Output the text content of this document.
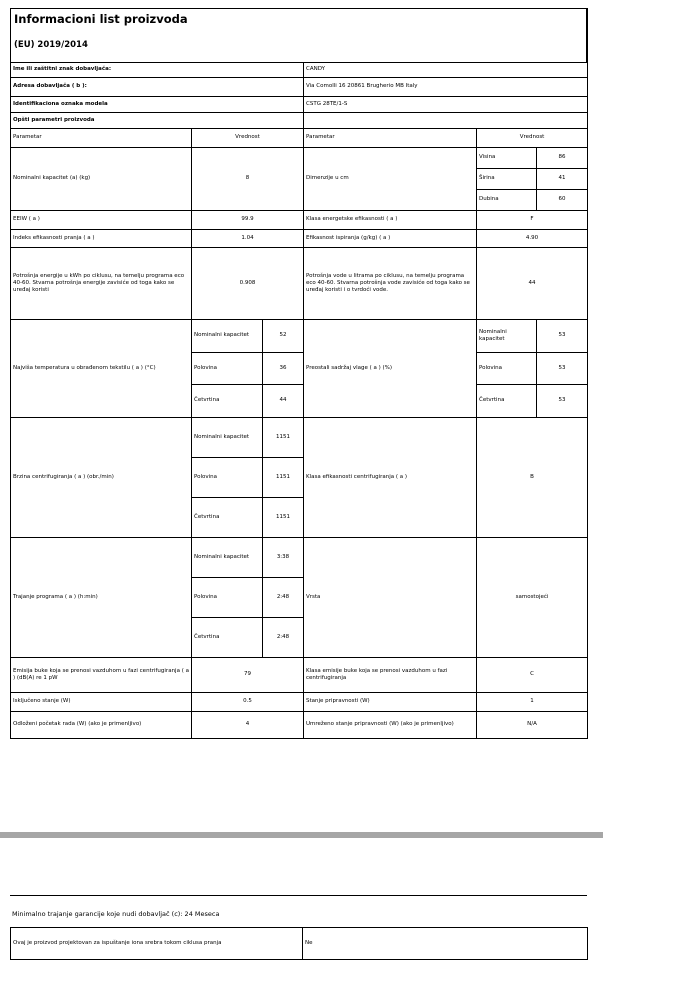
Informacioni list proizvoda
(EU) 2019/2014

Ime ili zaštitni znak dobavljača:			CANDY		
Adresa dobavljača ( b ):			Via Comolli 16 20861 Brugherio MB Italy		
Identifikaciona oznaka modela			CSTG 28TE/1-S		
Opšti parametri proizvoda					
Parametar	Vrednost		Parametar	Vrednost	
Nominalni kapacitet (a) (kg)	8		Dimenzije u cm	Visina	86
				Širina	41
				Dubina	60
EEIW ( a )	99.9		Klasa energetske efikasnosti ( a )	F	
Indeks efikasnosti pranja ( a )	1.04		Efikasnost ispiranja (g/kg) ( a )	4.90	
Potrošnja energije u kWh po ciklusu, na temelju programa eco 40-60. Stvarna potrošnja energije zavisiće od toga kako se uređaj koristi	0.908		Potrošnja vode u litrama po ciklusu, na temelju programa eco 40-60. Stvarna potrošnja vode zavisiće od toga kako se uređaj koristi i o tvrdoći vode.	44	
Najviša temperatura u obrađenom tekstilu ( a ) (°C)	Nominalni kapacitet	52	Preostali sadržaj vlage ( a ) (%)	Nominalni kapacitet	53
	Polovina	36		Polovina	53
	Četvrtina	44		Četvrtina	53
Brzina centrifugiranja ( a ) (obr./min)	Nominalni kapacitet	1151	Klasa efikasnosti centrifugiranja ( a )	B	
	Polovina	1151			
	Četvrtina	1151			
Trajanje programa ( a ) (h:min)	Nominalni kapacitet	3:38	Vrsta	samostojeći	
	Polovina	2:48			
	Četvrtina	2:48			
Emisija buke koja se prenosi vazduhom u fazi centrifugiranja ( a ) (dB(A) re 1 pW	79		Klasa emisije buke koja se prenosi vazduhom u fazi centrifugiranja	C	
Isključeno stanje (W)	0.5		Stanje pripravnosti (W)	1	
Odloženi početak rada (W) (ako je primenljivo)	4		Umreženo stanje pripravnosti (W) (ako je primenljivo)	N/A	
Minimalno trajanje garancije koje nudi dobavljač (c): 24 Meseca
Ovaj je proizvod projektovan za ispuštanje iona srebra tokom ciklusa pranja	Ne
